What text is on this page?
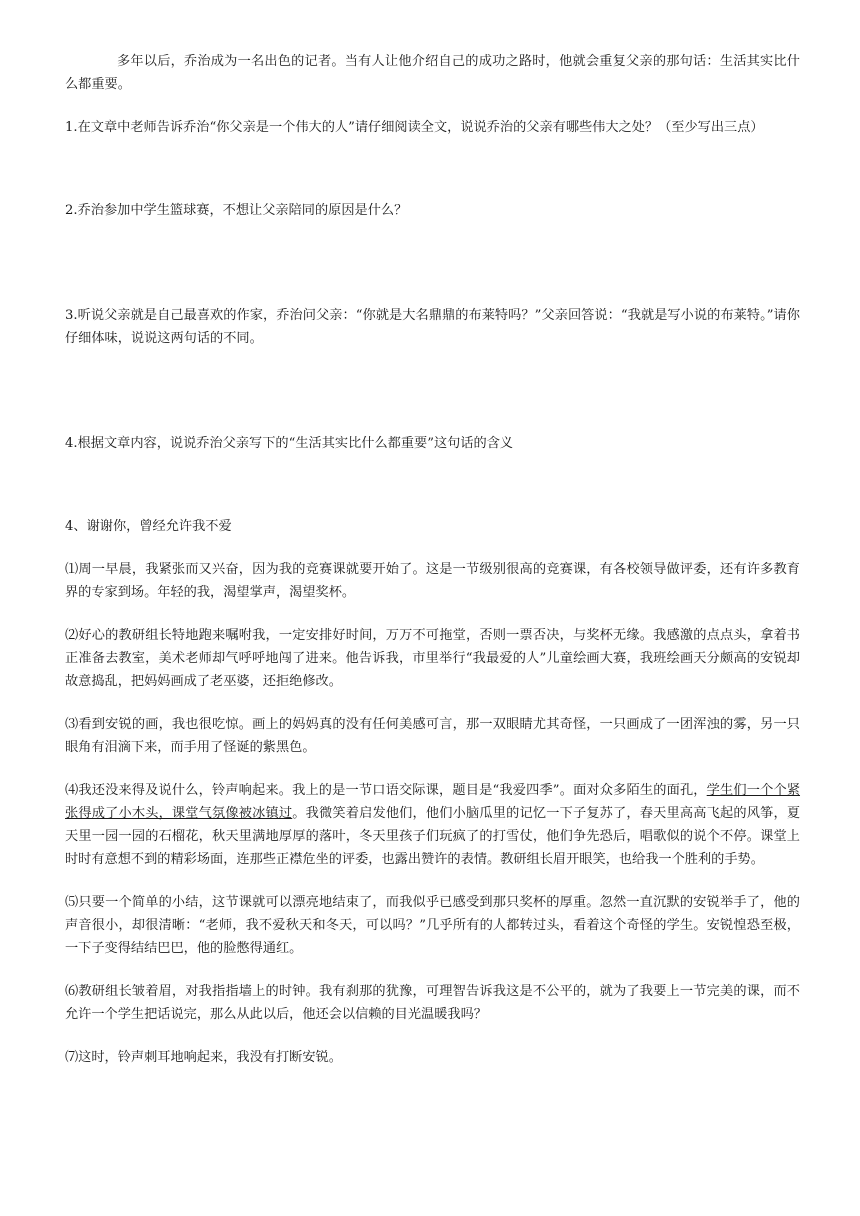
多年以后，乔治成为一名出色的记者。当有人让他介绍自己的成功之路时，他就会重复父亲的那句话：生活其实比什么都重要。

1.在文章中老师告诉乔治“你父亲是一个伟大的人”请仔细阅读全文，说说乔治的父亲有哪些伟大之处？（至少写出三点）

2.乔治参加中学生篮球赛，不想让父亲陪同的原因是什么？

3.听说父亲就是自己最喜欢的作家，乔治问父亲：“你就是大名鼎鼎的布莱特吗？”父亲回答说：“我就是写小说的布莱特。”请你仔细体味，说说这两句话的不同。

4.根据文章内容，说说乔治父亲写下的“生活其实比什么都重要”这句话的含义

4、谢谢你，曾经允许我不爱

⑴周一早晨，我紧张而又兴奋，因为我的竞赛课就要开始了。这是一节级别很高的竞赛课，有各校领导做评委，还有许多教育界的专家到场。年轻的我，渴望掌声，渴望奖杯。

⑵好心的教研组长特地跑来嘱咐我，一定安排好时间，万万不可拖堂，否则一票否决，与奖杯无缘。我感激的点点头，拿着书正准备去教室，美术老师却气呼呼地闯了进来。他告诉我，市里举行“我最爱的人”儿童绘画大赛，我班绘画天分颇高的安锐却故意捣乱，把妈妈画成了老巫婆，还拒绝修改。

⑶看到安锐的画，我也很吃惊。画上的妈妈真的没有任何美感可言，那一双眼睛尤其奇怪，一只画成了一团浑浊的雾，另一只眼角有泪滴下来，而手用了怪诞的紫黑色。

⑷我还没来得及说什么，铃声响起来。我上的是一节口语交际课，题目是“我爱四季”。面对众多陌生的面孔，学生们一个个紧张得成了小木头，课堂气氛像被冰镇过。我微笑着启发他们，他们小脑瓜里的记忆一下子复苏了，春天里高高飞起的风筝，夏天里一园一园的石榴花，秋天里满地厚厚的落叶，冬天里孩子们玩疯了的打雪仗，他们争先恐后，唱歌似的说个不停。课堂上时时有意想不到的精彩场面，连那些正襟危坐的评委，也露出赞许的表情。教研组长眉开眼笑，也给我一个胜利的手势。

⑸只要一个简单的小结，这节课就可以漂亮地结束了，而我似乎已感受到那只奖杯的厚重。忽然一直沉默的安锐举手了，他的声音很小，却很清晰：“老师，我不爱秋天和冬天，可以吗？”几乎所有的人都转过头，看着这个奇怪的学生。安锐惶恐至极，一下子变得结结巴巴，他的脸憋得通红。

⑹教研组长皱着眉，对我指指墙上的时钟。我有刹那的犹豫，可理智告诉我这是不公平的，就为了我要上一节完美的课，而不允许一个学生把话说完，那么从此以后，他还会以信赖的目光温暖我吗？

⑺这时，铃声刺耳地响起来，我没有打断安锐。
